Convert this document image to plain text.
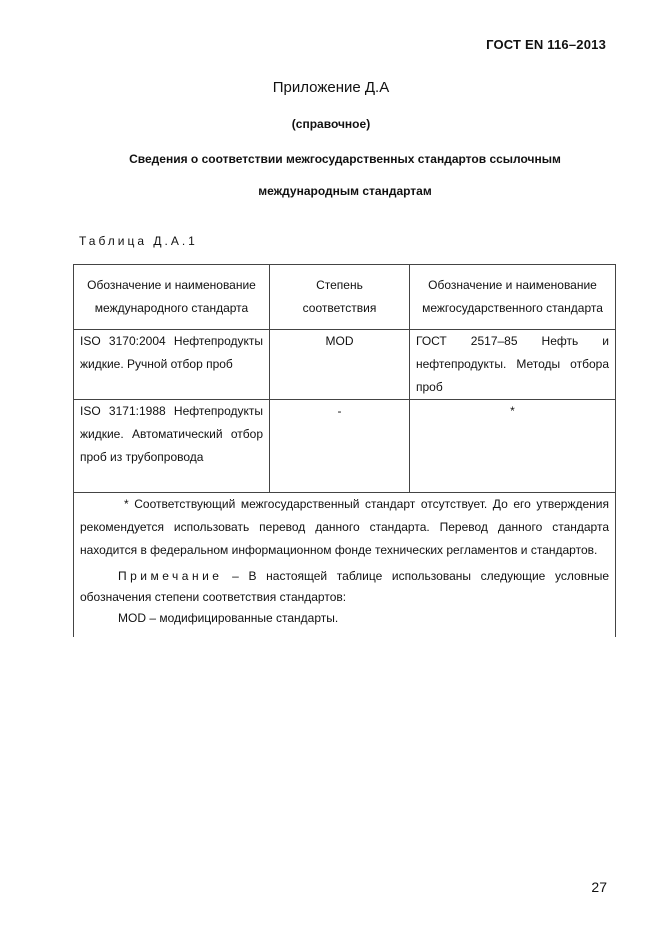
ГОСТ EN 116–2013
Приложение Д.А
(справочное)
Сведения о соответствии межгосударственных стандартов ссылочным международным стандартам
Таблица Д.А.1
Обозначение и наименование международного стандарта	Степень соответствия	Обозначение и наименование межгосударственного стандарта
ISO 3170:2004 Нефтепродукты жидкие. Ручной отбор проб	MOD	ГОСТ 2517–85 Нефть и нефтепродукты. Методы отбора проб
ISO 3171:1988 Нефтепродукты жидкие. Автоматический отбор проб из трубопровода	-	*

* Соответствующий межгосударственный стандарт отсутствует. До его утверждения рекомендуется использовать перевод данного стандарта. Перевод данного стандарта находится в федеральном информационном фонде технических регламентов и стандартов.

Примечание – В настоящей таблице использованы следующие условные обозначения степени соответствия стандартов:

MOD – модифицированные стандарты.		

27
